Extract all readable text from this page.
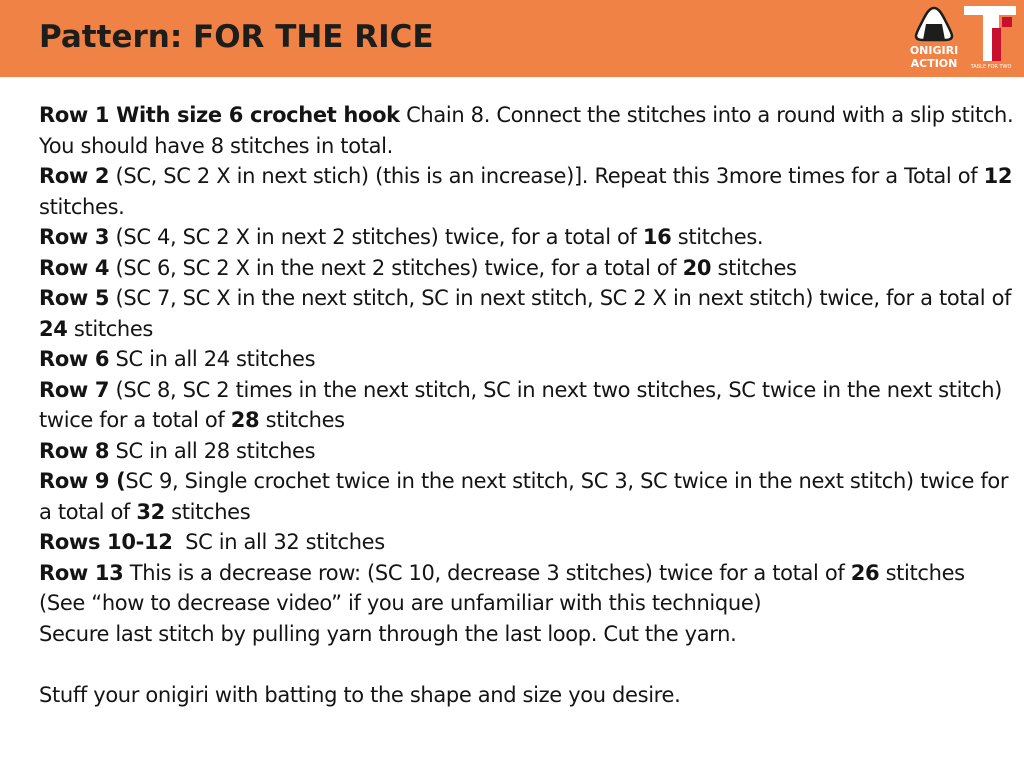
Pattern: FOR THE RICE	ONIGIRI
ACTION	TABLE FOR TWO
Row 1 With size 6 crochet hook Chain 8. Connect the stitches into a round with a slip stitch. You should have 8 stitches in total.
Row 2 (SC, SC 2 X in next stich) (this is an increase)]. Repeat this 3more times for a Total of 12 stitches.
Row 3 (SC 4, SC 2 X in next 2 stitches) twice, for a total of 16 stitches.
Row 4 (SC 6, SC 2 X in the next 2 stitches) twice, for a total of 20 stitches
Row 5 (SC 7, SC X in the next stitch, SC in next stitch, SC 2 X in next stitch) twice, for a total of 24 stitches
Row 6 SC in all 24 stitches
Row 7 (SC 8, SC 2 times in the next stitch, SC in next two stitches, SC twice in the next stitch) twice for a total of 28 stitches
Row 8 SC in all 28 stitches
Row 9 (SC 9, Single crochet twice in the next stitch, SC 3, SC twice in the next stitch) twice for a total of 32 stitches
Rows 10-12  SC in all 32 stitches
Row 13 This is a decrease row: (SC 10, decrease 3 stitches) twice for a total of 26 stitches (See “how to decrease video” if you are unfamiliar with this technique)
Secure last stitch by pulling yarn through the last loop. Cut the yarn.
Stuff your onigiri with batting to the shape and size you desire.
